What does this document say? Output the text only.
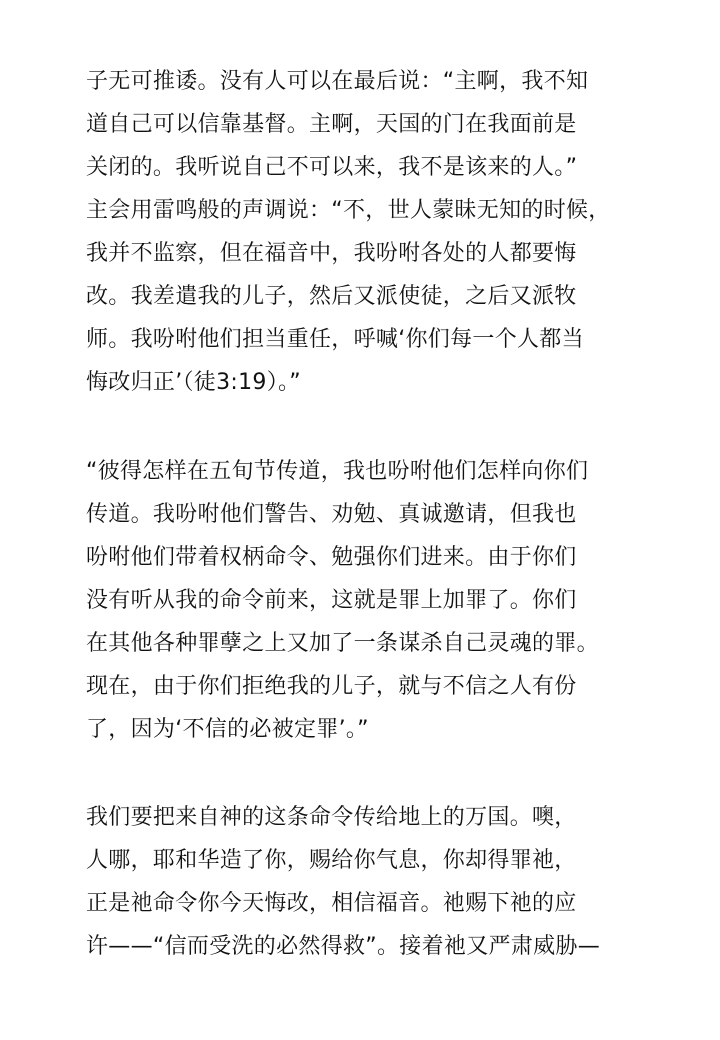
子无可推诿。没有人可以在最后说：“主啊，我不知
道自己可以信靠基督。主啊，天国的门在我面前是
关闭的。我听说自己不可以来，我不是该来的人。”
主会用雷鸣般的声调说：“不，世人蒙昧无知的时候，
我并不监察，但在福音中，我吩咐各处的人都要悔
改。我差遣我的儿子，然后又派使徒，之后又派牧
师。我吩咐他们担当重任，呼喊‘你们每一个人都当
悔改归正’（徒3:19）。”
“彼得怎样在五旬节传道，我也吩咐他们怎样向你们
传道。我吩咐他们警告、劝勉、真诚邀请，但我也
吩咐他们带着权柄命令、勉强你们进来。由于你们
没有听从我的命令前来，这就是罪上加罪了。你们
在其他各种罪孽之上又加了一条谋杀自己灵魂的罪。
现在，由于你们拒绝我的儿子，就与不信之人有份
了，因为‘不信的必被定罪’。”
我们要把来自神的这条命令传给地上的万国。噢，
人哪，耶和华造了你，赐给你气息，你却得罪祂，
正是祂命令你今天悔改，相信福音。祂赐下祂的应
许——“信而受洗的必然得救”。接着祂又严肃威胁—
